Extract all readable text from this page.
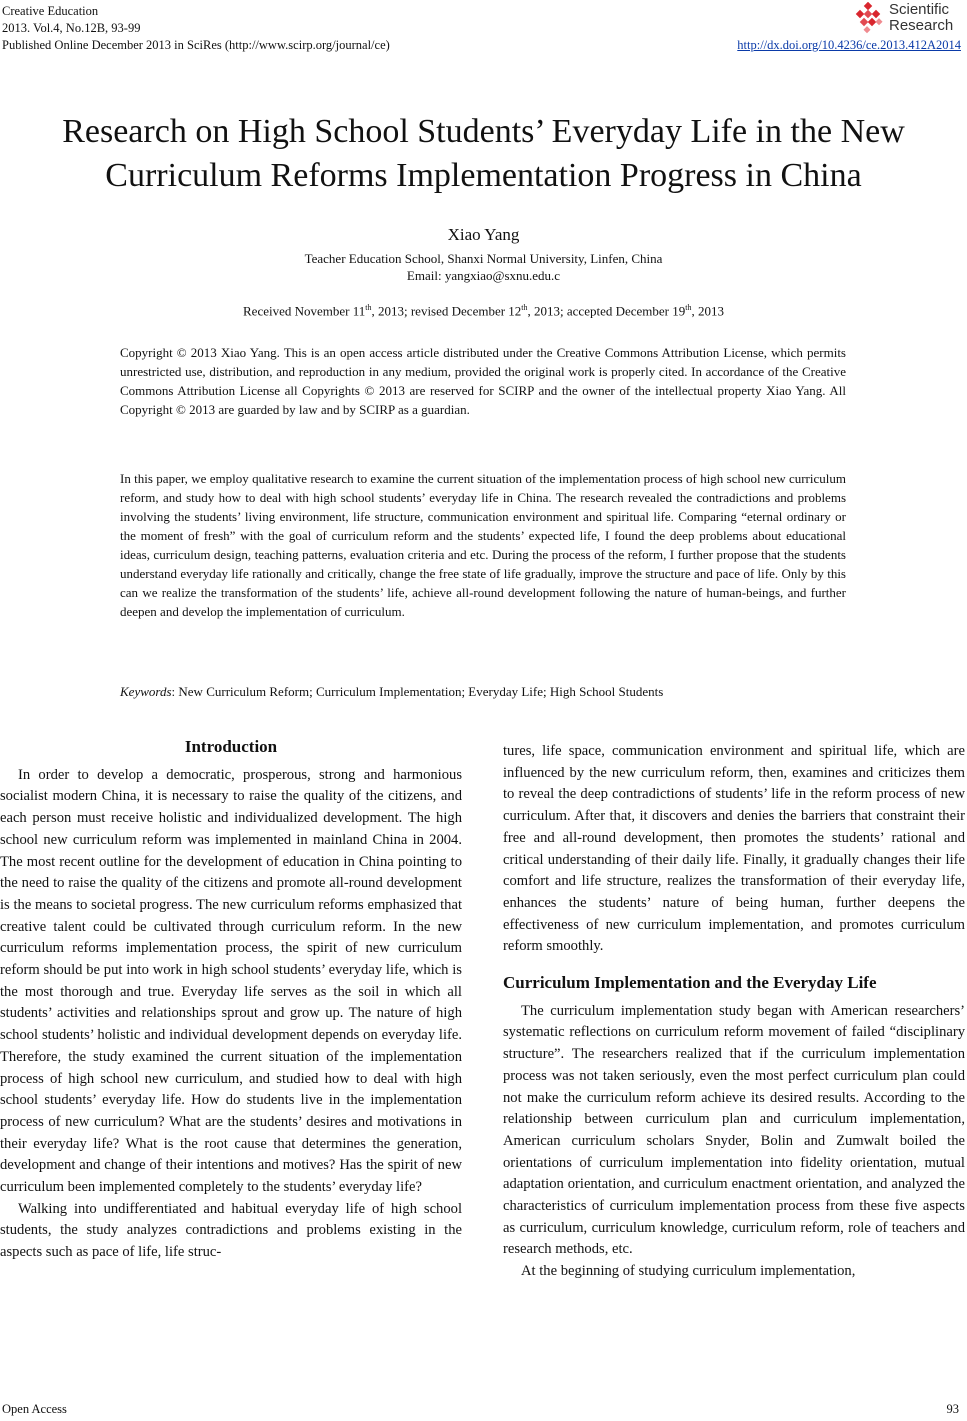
Creative Education
2013. Vol.4, No.12B, 93-99
Published Online December 2013 in SciRes (http://www.scirp.org/journal/ce)	http://dx.doi.org/10.4236/ce.2013.412A2014
Scientific
Research
Research on High School Students’ Everyday Life in the New
Curriculum Reforms Implementation Progress in China
Xiao Yang
Teacher Education School, Shanxi Normal University, Linfen, China
Email: yangxiao@sxnu.edu.c
Received November 11th, 2013; revised December 12th, 2013; accepted December 19th, 2013
Copyright © 2013 Xiao Yang. This is an open access article distributed under the Creative Commons Attribution License, which permits unrestricted use, distribution, and reproduction in any medium, provided the original work is properly cited. In accordance of the Creative Commons Attribution License all Copyrights © 2013 are reserved for SCIRP and the owner of the intellectual property Xiao Yang. All Copyright © 2013 are guarded by law and by SCIRP as a guardian.
In this paper, we employ qualitative research to examine the current situation of the implementation process of high school new curriculum reform, and study how to deal with high school students’ everyday life in China. The research revealed the contradictions and problems involving the students’ living environment, life structure, communication environment and spiritual life. Comparing “eternal ordinary or the moment of fresh” with the goal of curriculum reform and the students’ expected life, I found the deep problems about educational ideas, curriculum design, teaching patterns, evaluation criteria and etc. During the process of the reform, I further propose that the students understand everyday life rationally and critically, change the free state of life gradually, improve the structure and pace of life. Only by this can we realize the transformation of the students’ life, achieve all-round development following the nature of human-beings, and further deepen and develop the implementation of curriculum.
Keywords: New Curriculum Reform; Curriculum Implementation; Everyday Life; High School Students
Introduction

In order to develop a democratic, prosperous, strong and harmonious socialist modern China, it is necessary to raise the quality of the citizens, and each person must receive holistic and individualized development. The high school new curriculum reform was implemented in mainland China in 2004. The most recent outline for the development of education in China pointing to the need to raise the quality of the citizens and promote all-round development is the means to societal progress. The new curriculum reforms emphasized that creative talent could be cultivated through curriculum reform. In the new curriculum reforms implementation process, the spirit of new curriculum reform should be put into work in high school students’ everyday life, which is the most thorough and true. Everyday life serves as the soil in which all students’ activities and relationships sprout and grow up. The nature of high school students’ holistic and individual development depends on everyday life. Therefore, the study examined the current situation of the implementation process of high school new curriculum, and studied how to deal with high school students’ everyday life. How do students live in the implementation process of new curriculum? What are the students’ desires and motivations in their everyday life? What is the root cause that determines the generation, development and change of their intentions and motives? Has the spirit of new curriculum been implemented completely to the students’ everyday life?

Walking into undifferentiated and habitual everyday life of high school students, the study analyzes contradictions and problems existing in the aspects such as pace of life, life struc-

tures, life space, communication environment and spiritual life, which are influenced by the new curriculum reform, then, examines and criticizes them to reveal the deep contradictions of students’ life in the reform process of new curriculum. After that, it discovers and denies the barriers that constraint their free and all-round development, then promotes the students’ rational and critical understanding of their daily life. Finally, it gradually changes their life comfort and life structure, realizes the transformation of their everyday life, enhances the students’ nature of being human, further deepens the effectiveness of new curriculum implementation, and promotes curriculum reform smoothly.

Curriculum Implementation and the Everyday Life

The curriculum implementation study began with American researchers’ systematic reflections on curriculum reform movement of failed “disciplinary structure”. The researchers realized that if the curriculum implementation process was not taken seriously, even the most perfect curriculum plan could not make the curriculum reform achieve its desired results. According to the relationship between curriculum plan and curriculum implementation, American curriculum scholars Snyder, Bolin and Zumwalt boiled the orientations of curriculum implementation into fidelity orientation, mutual adaptation orientation, and curriculum enactment orientation, and analyzed the characteristics of curriculum implementation process from these five aspects as curriculum, curriculum knowledge, curriculum reform, role of teachers and research methods, etc.

At the beginning of studying curriculum implementation,

Open Access	93
